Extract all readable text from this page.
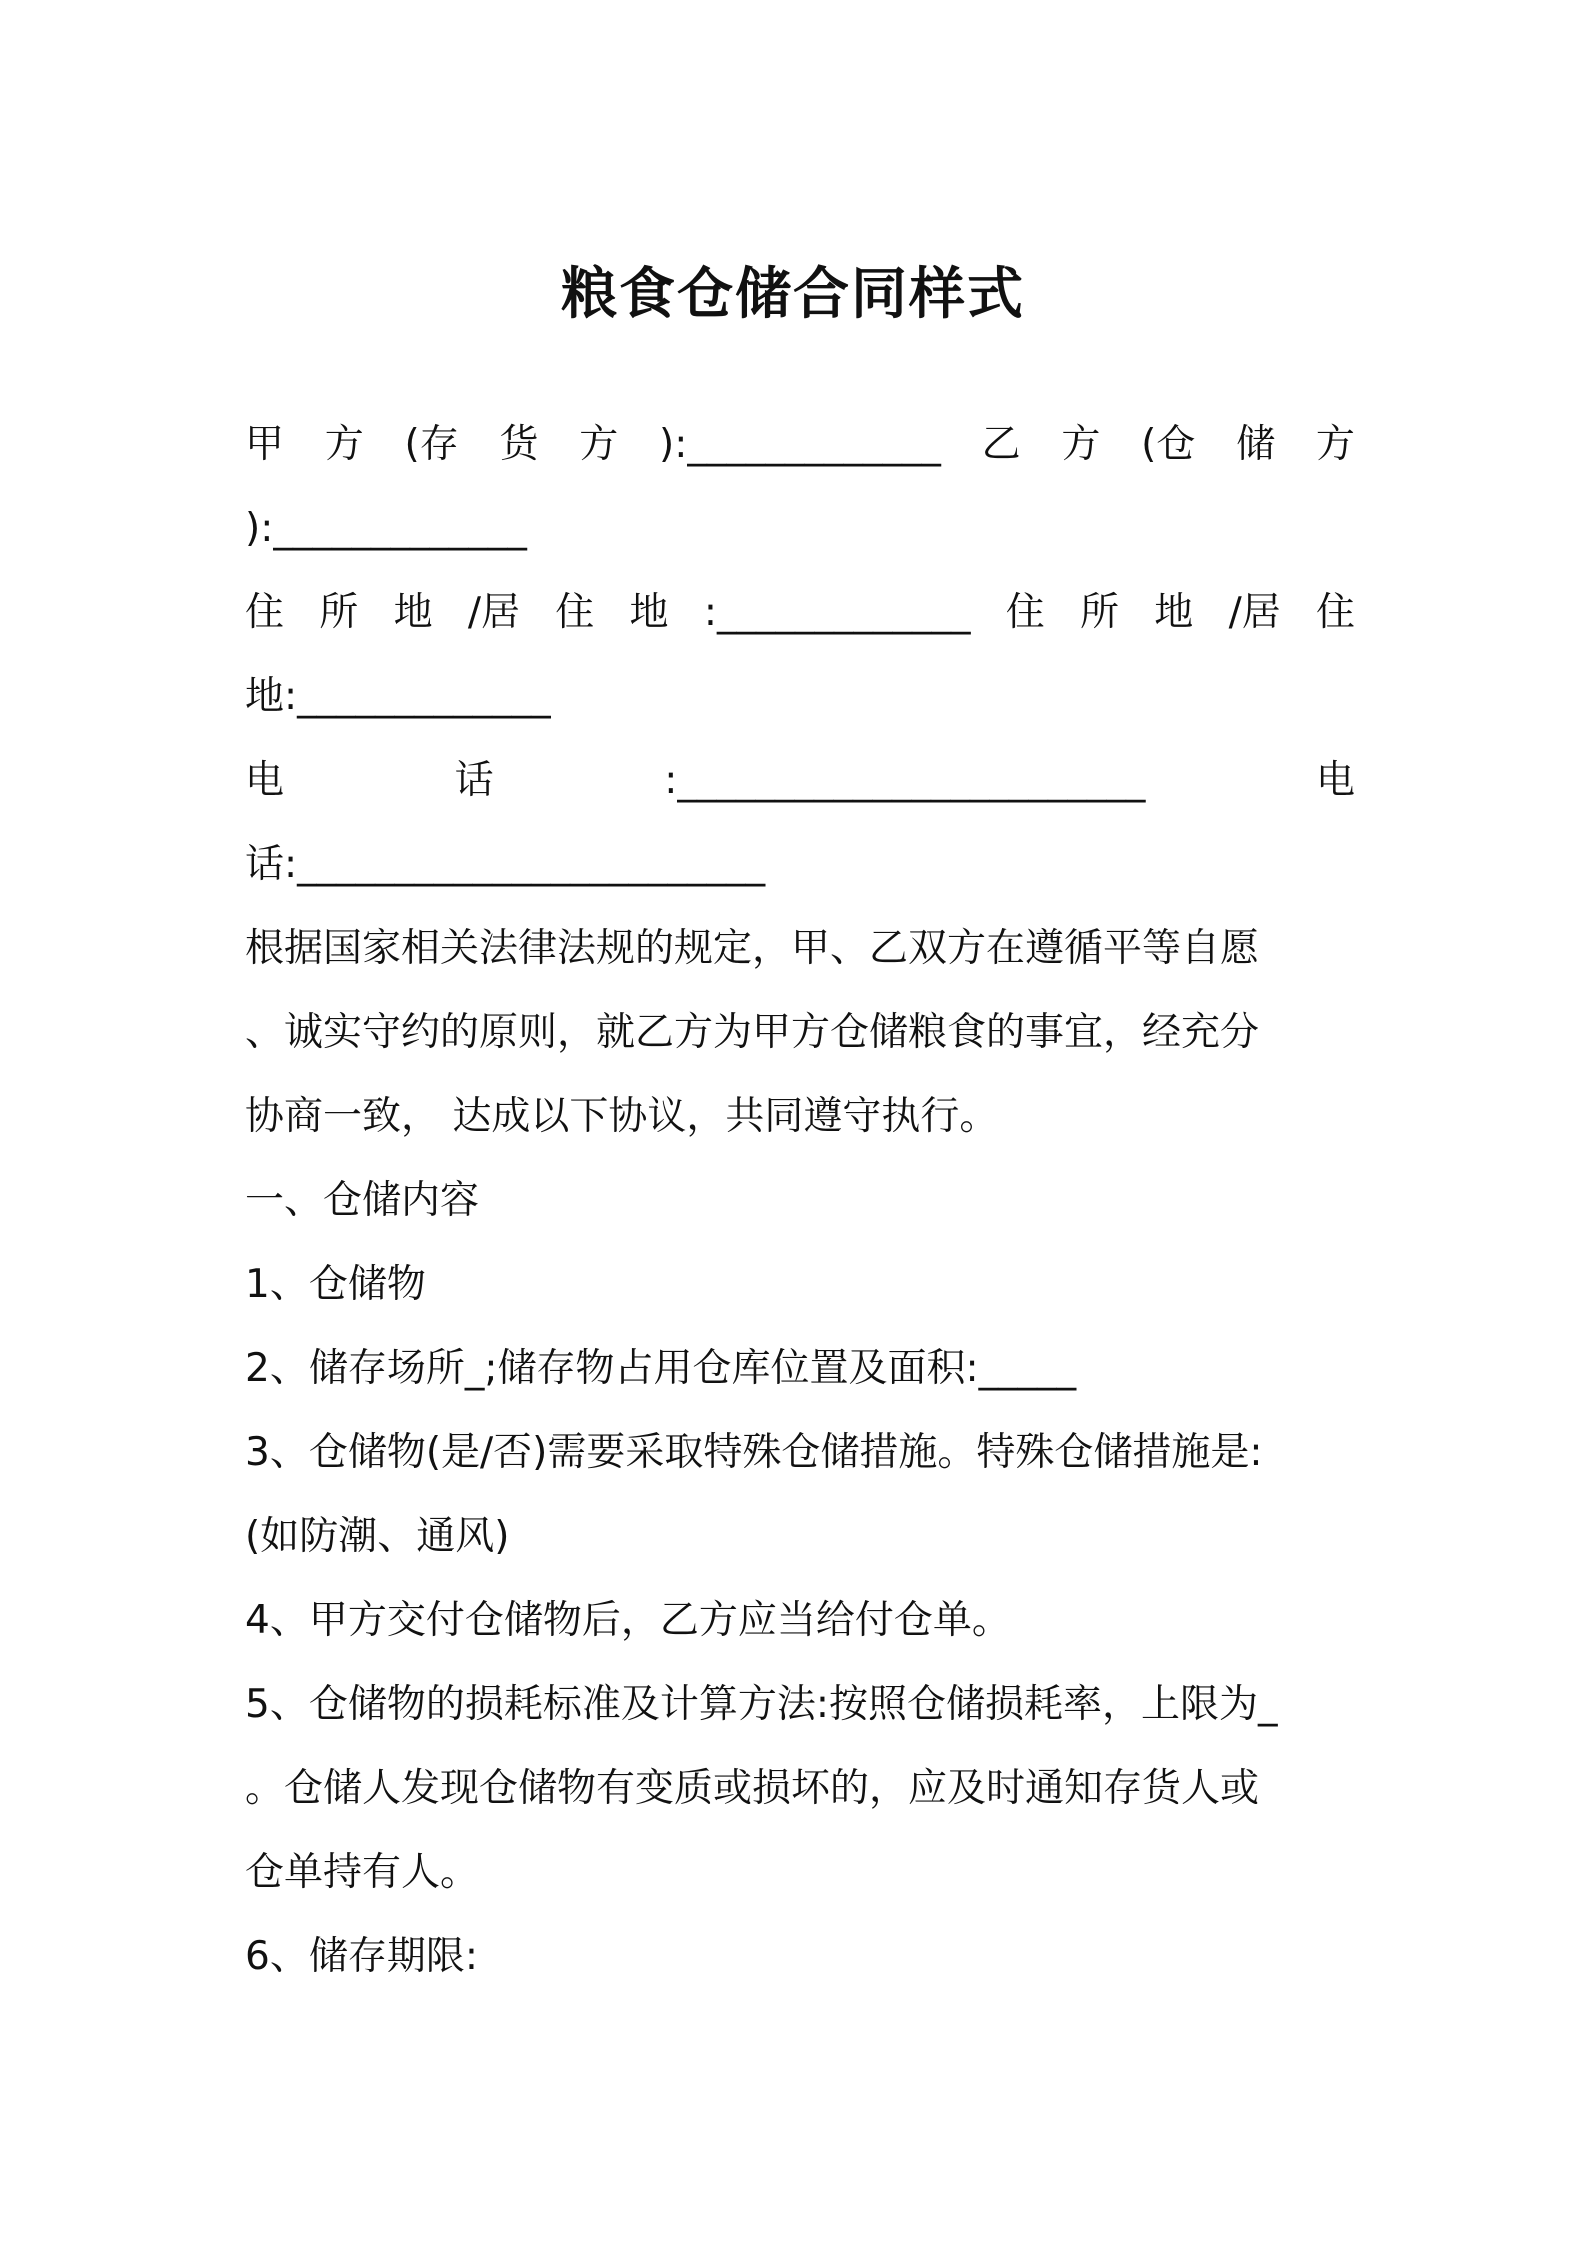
粮食仓储合同样式
甲 方 (存 货 方 ):_____________ 乙 方 (仓 储 方

):_____________

住 所 地 /居 住 地 :_____________ 住 所 地 /居 住

地:_____________

电	话	:________________________	电

话:________________________

根据国家相关法律法规的规定，甲、乙双方在遵循平等自愿

、诚实守约的原则，就乙方为甲方仓储粮食的事宜，经充分

协商一致， 达成以下协议，共同遵守执行。

一、仓储内容

1、仓储物

2、储存场所_;储存物占用仓库位置及面积:_____

3、仓储物(是/否)需要采取特殊仓储措施。特殊仓储措施是:

(如防潮、通风)

4、甲方交付仓储物后，乙方应当给付仓单。

5、仓储物的损耗标准及计算方法:按照仓储损耗率，上限为_

。仓储人发现仓储物有变质或损坏的，应及时通知存货人或

仓单持有人。

6、储存期限:
